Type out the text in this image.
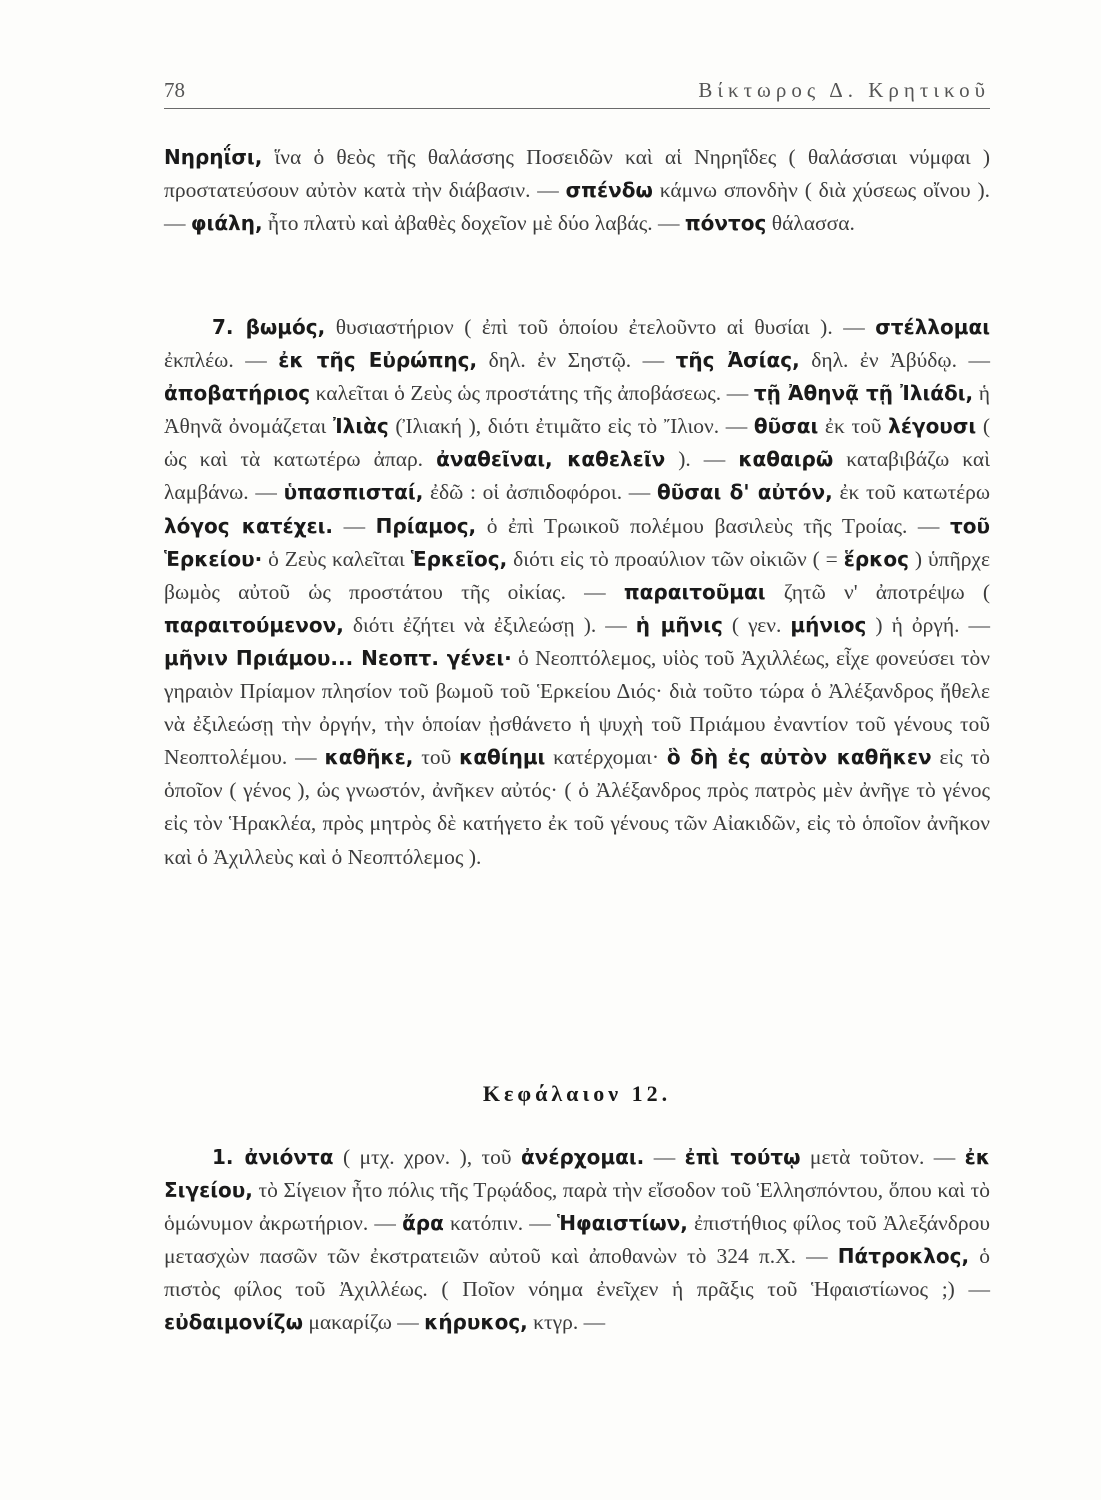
78	Βίκτωρος Δ. Κρητικοῦ

Νηρηΐσι, ἵνα ὁ θεὸς τῆς θαλάσσης Ποσειδῶν καὶ αἱ Νηρηΐδες ( θαλάσσιαι νύμφαι ) προστατεύσουν αὐτὸν κατὰ τὴν διάβασιν. — σπένδω κάμνω σπονδὴν ( διὰ χύσεως οἴνου ).— φιάλη, ἦτο πλατὺ καὶ ἀβαθὲς δοχεῖον μὲ δύο λαβάς. — πόντος θάλασσα.

7. βωμός, θυσιαστήριον ( ἐπὶ τοῦ ὁποίου ἐτελοῦντο αἱ θυσίαι ). — στέλλομαι ἐκπλέω. — ἐκ τῆς Εὐρώπης, δηλ. ἐν Σηστῷ. — τῆς Ἀσίας, δηλ. ἐν Ἀβύδῳ. — ἀποβατήριος καλεῖται ὁ Ζεὺς ὡς προστάτης τῆς ἀποβάσεως. — τῇ Ἀθηνᾷ τῇ Ἰλιάδι, ἡ Ἀθηνᾶ ὀνομάζεται Ἰλιὰς (Ἰλιακή ), διότι ἐτιμᾶτο εἰς τὸ Ἴλιον. — θῦσαι ἐκ τοῦ λέγουσι ( ὡς καὶ τὰ κατωτέρω ἀπαρ. ἀναθεῖναι, καθελεῖν ). — καθαιρῶ καταβιβάζω καὶ λαμβάνω. — ὑπασπισταί, ἐδῶ : οἱ ἀσπιδοφόροι. — θῦσαι δ' αὐτόν, ἐκ τοῦ κατωτέρω λόγος κατέχει. — Πρίαμος, ὁ ἐπὶ Τρωικοῦ πολέμου βασιλεὺς τῆς Τροίας. — τοῦ Ἑρκείου· ὁ Ζεὺς καλεῖται Ἑρκεῖος, διότι εἰς τὸ προαύλιον τῶν οἰκιῶν ( = ἕρκος ) ὑπῆρχε βωμὸς αὐτοῦ ὡς προστάτου τῆς οἰκίας. — παραιτοῦμαι ζητῶ ν' ἀποτρέψω ( παραιτούμενον, διότι ἐζήτει νὰ ἐξιλεώσῃ ). — ἡ μῆνις ( γεν. μήνιος ) ἡ ὀργή. — μῆνιν Πριάμου... Νεοπτ. γένει· ὁ Νεοπτόλεμος, υἱὸς τοῦ Ἀχιλλέως, εἶχε φονεύσει τὸν γηραιὸν Πρίαμον πλησίον τοῦ βωμοῦ τοῦ Ἑρκείου Διός· διὰ τοῦτο τώρα ὁ Ἀλέξανδρος ἤθελε νὰ ἐξιλεώσῃ τὴν ὀργήν, τὴν ὁποίαν ᾐσθάνετο ἡ ψυχὴ τοῦ Πριάμου ἐναντίον τοῦ γένους τοῦ Νεοπτολέμου. — καθῆκε, τοῦ καθίημι κατέρχομαι· ὃ δὴ ἐς αὐτὸν καθῆκεν εἰς τὸ ὁποῖον ( γένος ), ὡς γνωστόν, ἀνῆκεν αὐτός· ( ὁ Ἀλέξανδρος πρὸς πατρὸς μὲν ἀνῆγε τὸ γένος εἰς τὸν Ἡρακλέα, πρὸς μητρὸς δὲ κατήγετο ἐκ τοῦ γένους τῶν Αἰακιδῶν, εἰς τὸ ὁποῖον ἀνῆκον καὶ ὁ Ἀχιλλεὺς καὶ ὁ Νεοπτόλεμος ).

Κεφάλαιον 12.

1. ἀνιόντα ( μτχ. χρον. ), τοῦ ἀνέρχομαι. — ἐπὶ τούτῳ μετὰ τοῦτον. — ἐκ Σιγείου, τὸ Σίγειον ἦτο πόλις τῆς Τρῳάδος, παρὰ τὴν εἴσοδον τοῦ Ἑλλησπόντου, ὅπου καὶ τὸ ὁμώνυμον ἀκρωτήριον. — ἄρα κατόπιν. — Ἡφαιστίων, ἐπιστήθιος φίλος τοῦ Ἀλεξάνδρου μετασχὼν πασῶν τῶν ἐκστρατειῶν αὐτοῦ καὶ ἀποθανὼν τὸ 324 π.Χ. — Πάτροκλος, ὁ πιστὸς φίλος τοῦ Ἀχιλλέως. ( Ποῖον νόημα ἐνεῖχεν ἡ πρᾶξις τοῦ Ἡφαιστίωνος ;) — εὐδαιμονίζω μακαρίζω — κήρυκος, κτγρ. —
